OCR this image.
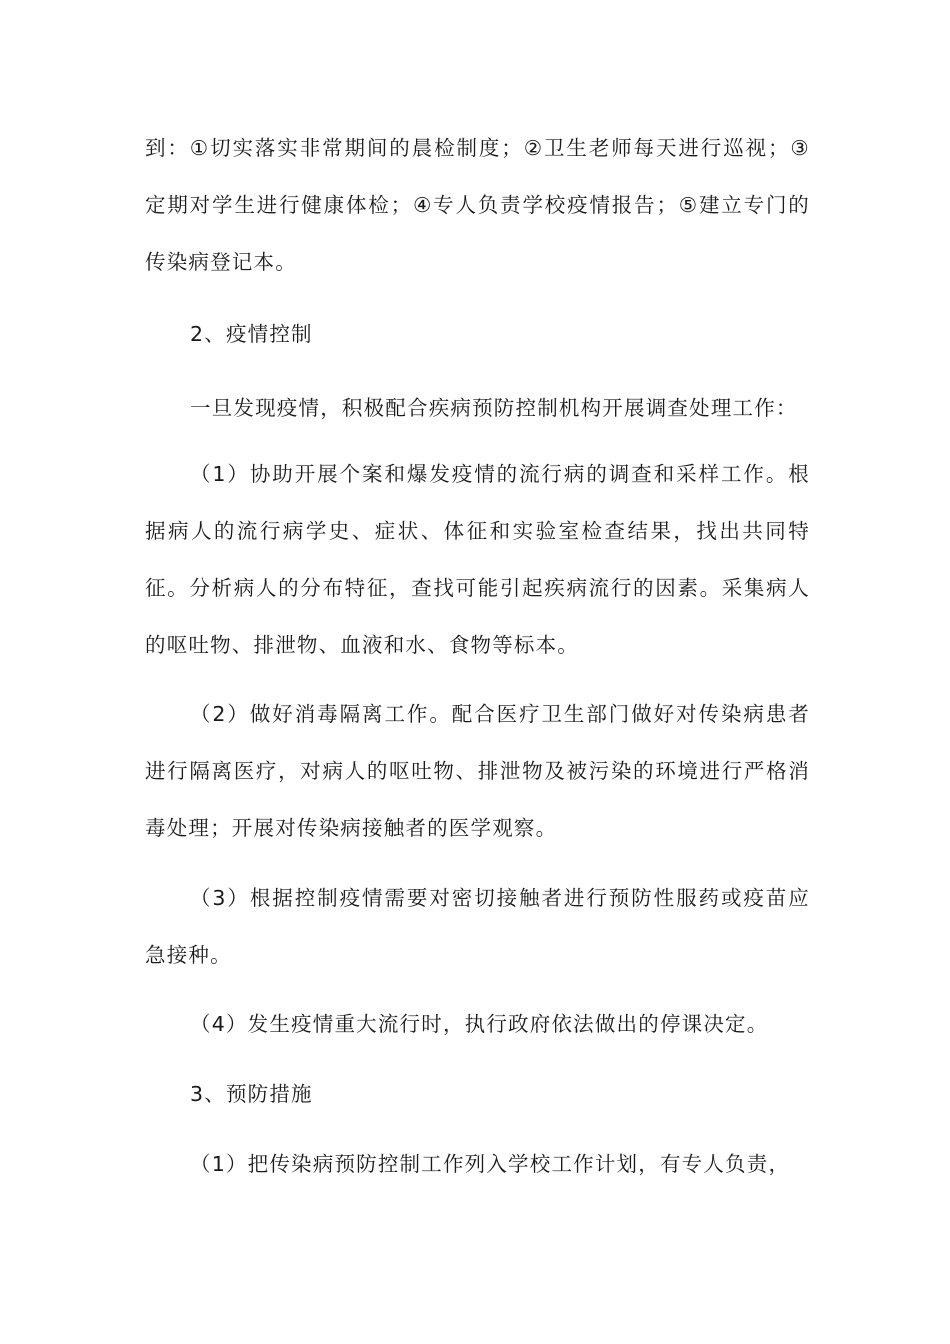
到：①切实落实非常期间的晨检制度；②卫生老师每天进行巡视；③定期对学生进行健康体检；④专人负责学校疫情报告；⑤建立专门的传染病登记本。

2、疫情控制

一旦发现疫情，积极配合疾病预防控制机构开展调查处理工作：

（1）协助开展个案和爆发疫情的流行病的调查和采样工作。根据病人的流行病学史、症状、体征和实验室检查结果，找出共同特征。分析病人的分布特征，查找可能引起疾病流行的因素。采集病人的呕吐物、排泄物、血液和水、食物等标本。

（2）做好消毒隔离工作。配合医疗卫生部门做好对传染病患者进行隔离医疗，对病人的呕吐物、排泄物及被污染的环境进行严格消毒处理；开展对传染病接触者的医学观察。

（3）根据控制疫情需要对密切接触者进行预防性服药或疫苗应急接种。

（4）发生疫情重大流行时，执行政府依法做出的停课决定。

3、预防措施

（1）把传染病预防控制工作列入学校工作计划，有专人负责，
